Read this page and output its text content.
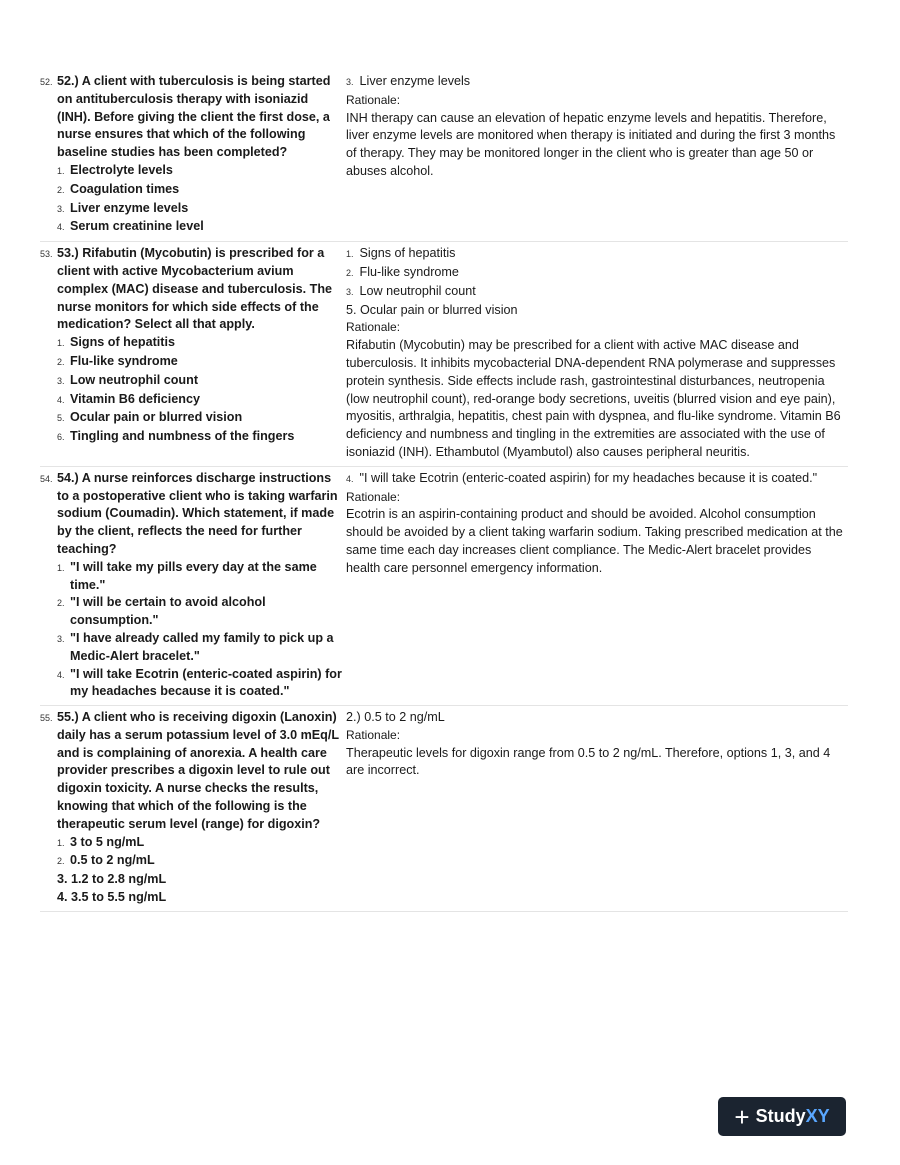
52. 52.) A client with tuberculosis is being started on antituberculosis therapy with isoniazid (INH). Before giving the client the first dose, a nurse ensures that which of the following baseline studies has been completed?
1. Electrolyte levels
2. Coagulation times
3. Liver enzyme levels
4. Serum creatinine level
3. Liver enzyme levels
Rationale:
INH therapy can cause an elevation of hepatic enzyme levels and hepatitis. Therefore, liver enzyme levels are monitored when therapy is initiated and during the first 3 months of therapy. They may be monitored longer in the client who is greater than age 50 or abuses alcohol.
53. 53.) Rifabutin (Mycobutin) is prescribed for a client with active Mycobacterium avium complex (MAC) disease and tuberculosis. The nurse monitors for which side effects of the medication? Select all that apply.
1. Signs of hepatitis
2. Flu-like syndrome
3. Low neutrophil count
4. Vitamin B6 deficiency
5. Ocular pain or blurred vision
6. Tingling and numbness of the fingers
1. Signs of hepatitis
2. Flu-like syndrome
3. Low neutrophil count
5. Ocular pain or blurred vision
Rationale:
Rifabutin (Mycobutin) may be prescribed for a client with active MAC disease and tuberculosis. It inhibits mycobacterial DNA-dependent RNA polymerase and suppresses protein synthesis. Side effects include rash, gastrointestinal disturbances, neutropenia (low neutrophil count), red-orange body secretions, uveitis (blurred vision and eye pain), myositis, arthralgia, hepatitis, chest pain with dyspnea, and flu-like syndrome. Vitamin B6 deficiency and numbness and tingling in the extremities are associated with the use of isoniazid (INH). Ethambutol (Myambutol) also causes peripheral neuritis.
54. 54.) A nurse reinforces discharge instructions to a postoperative client who is taking warfarin sodium (Coumadin). Which statement, if made by the client, reflects the need for further teaching?
1. "I will take my pills every day at the same time."
2. "I will be certain to avoid alcohol consumption."
3. "I have already called my family to pick up a Medic-Alert bracelet."
4. "I will take Ecotrin (enteric-coated aspirin) for my headaches because it is coated."
4. "I will take Ecotrin (enteric-coated aspirin) for my headaches because it is coated."
Rationale:
Ecotrin is an aspirin-containing product and should be avoided. Alcohol consumption should be avoided by a client taking warfarin sodium. Taking prescribed medication at the same time each day increases client compliance. The Medic-Alert bracelet provides health care personnel emergency information.
55. 55.) A client who is receiving digoxin (Lanoxin) daily has a serum potassium level of 3.0 mEq/L and is complaining of anorexia. A health care provider prescribes a digoxin level to rule out digoxin toxicity. A nurse checks the results, knowing that which of the following is the therapeutic serum level (range) for digoxin?
1. 3 to 5 ng/mL
2. 0.5 to 2 ng/mL
3. 1.2 to 2.8 ng/mL
4. 3.5 to 5.5 ng/mL
2.) 0.5 to 2 ng/mL
Rationale:
Therapeutic levels for digoxin range from 0.5 to 2 ng/mL. Therefore, options 1, 3, and 4 are incorrect.
+ Study XY
